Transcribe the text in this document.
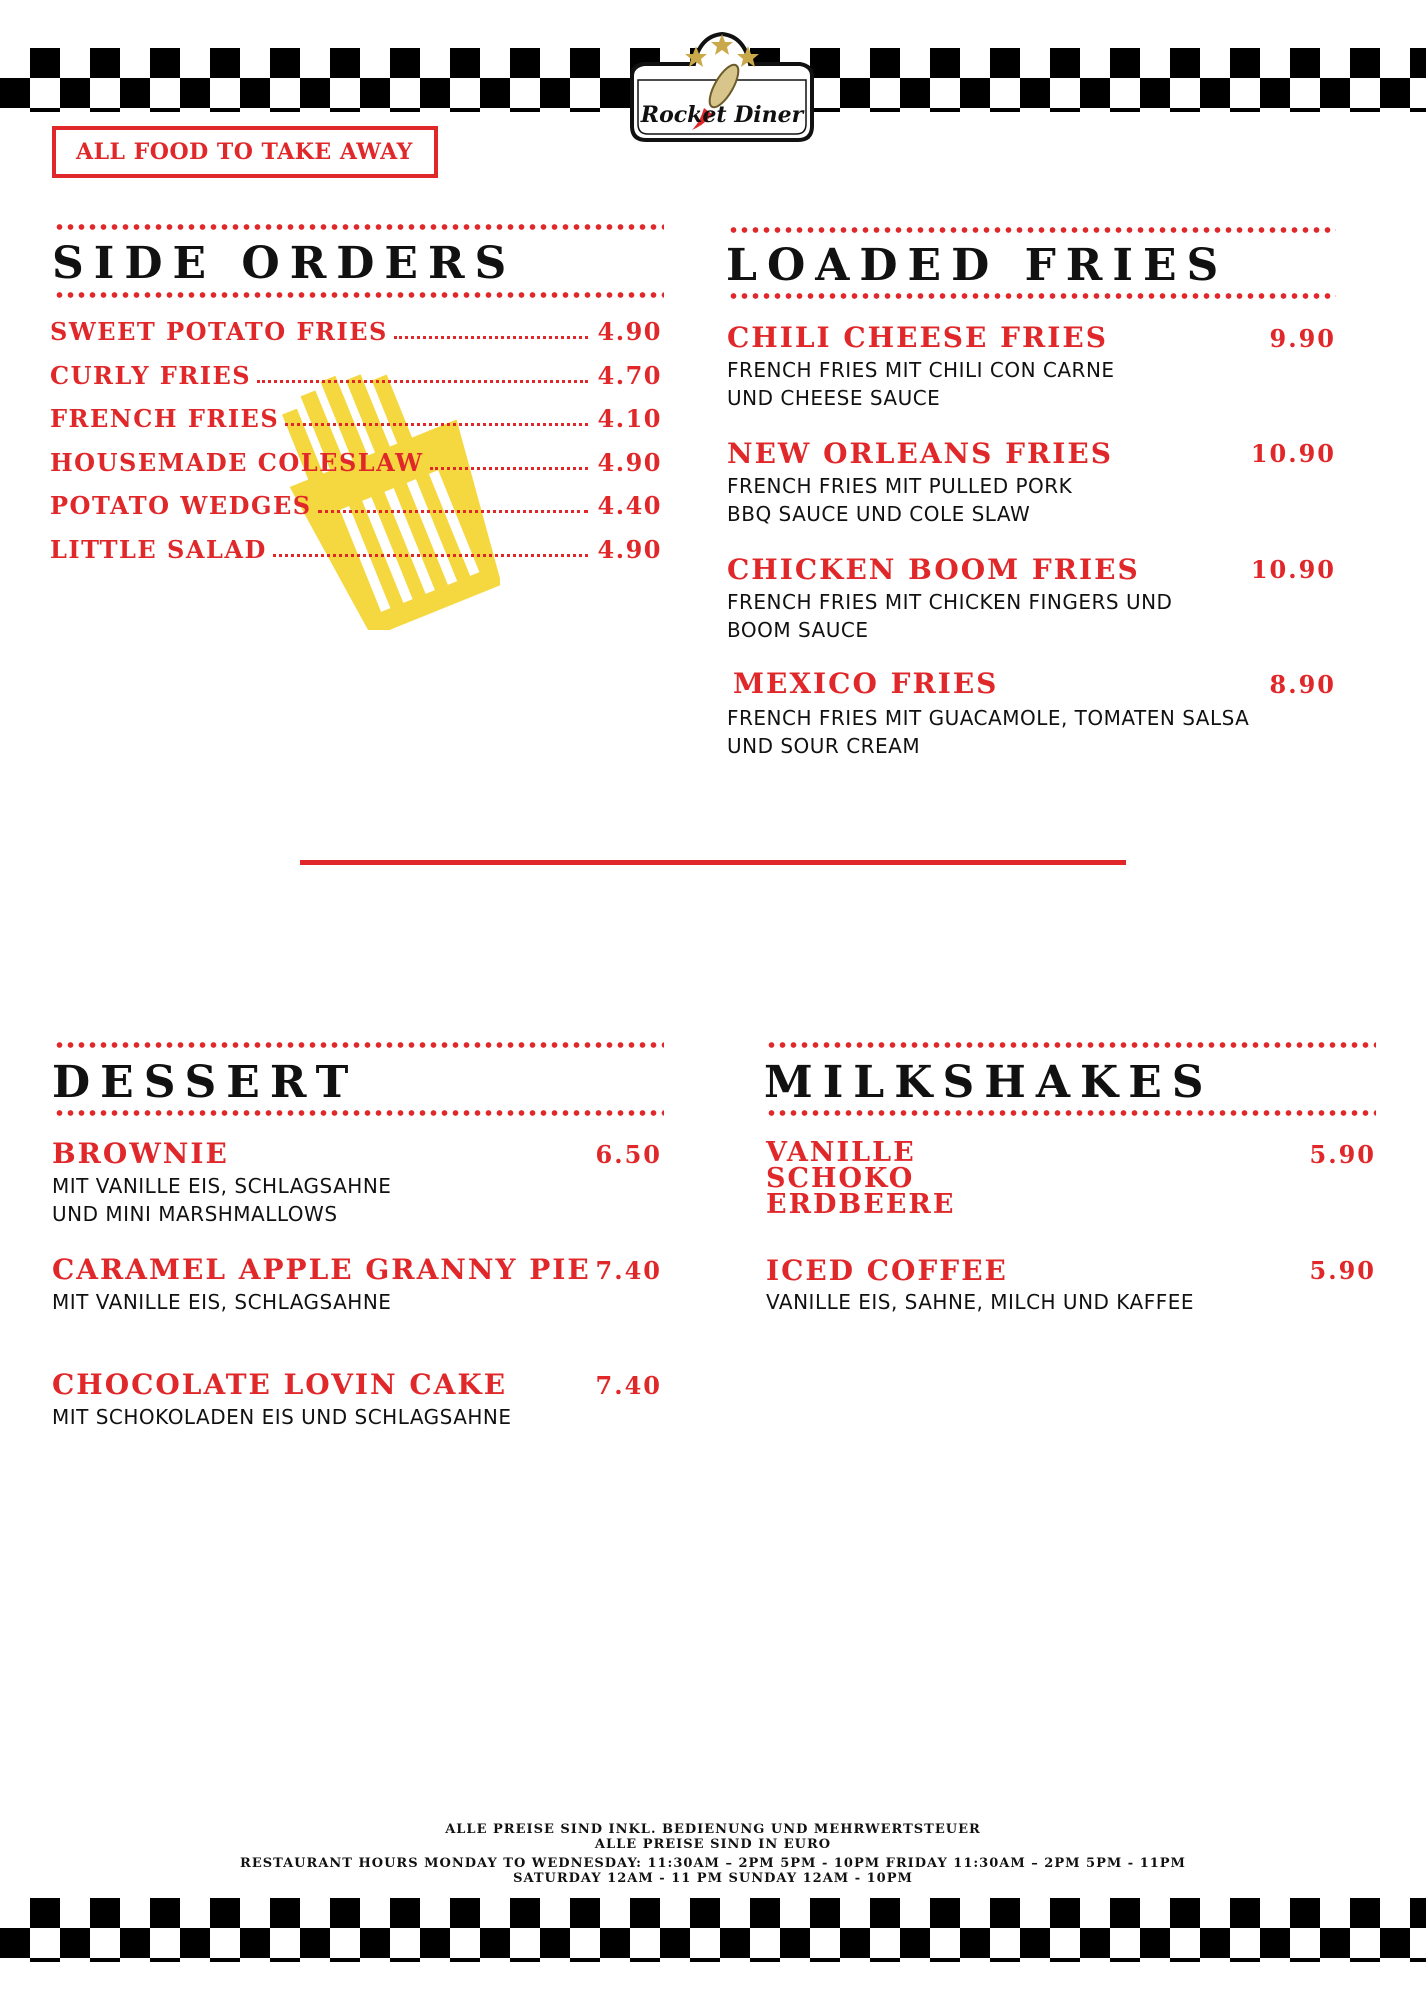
Rocket Diner
ALL FOOD TO TAKE AWAY
SIDE ORDERS
SWEET POTATO FRIES	4.90
CURLY FRIES	4.70
FRENCH FRIES	4.10
HOUSEMADE COLESLAW	4.90
POTATO WEDGES	4.40
LITTLE SALAD	4.90
LOADED FRIES
CHILI CHEESE FRIES	9.90
FRENCH FRIES MIT CHILI CON CARNE
UND CHEESE SAUCE
NEW ORLEANS FRIES	10.90
FRENCH FRIES MIT PULLED PORK
BBQ SAUCE UND COLE SLAW
CHICKEN BOOM FRIES	10.90
FRENCH FRIES MIT CHICKEN FINGERS UND
BOOM SAUCE
MEXICO FRIES	8.90
FRENCH FRIES MIT GUACAMOLE, TOMATEN SALSA
UND SOUR CREAM
DESSERT
BROWNIE	6.50
MIT VANILLE EIS, SCHLAGSAHNE
UND MINI MARSHMALLOWS
CARAMEL APPLE GRANNY PIE 7.40
MIT VANILLE EIS, SCHLAGSAHNE
CHOCOLATE LOVIN CAKE	7.40
MIT SCHOKOLADEN EIS UND SCHLAGSAHNE
MILKSHAKES
VANILLE
SCHOKO
ERDBEERE
5.90
ICED COFFEE	5.90
VANILLE EIS, SAHNE, MILCH UND KAFFEE
ALLE PREISE SIND INKL. BEDIENUNG UND MEHRWERTSTEUER
ALLE PREISE SIND IN EURO
RESTAURANT HOURS MONDAY TO WEDNESDAY: 11:30AM – 2PM 5PM - 10PM FRIDAY 11:30AM – 2PM 5PM - 11PM
SATURDAY 12AM - 11 PM SUNDAY 12AM - 10PM
